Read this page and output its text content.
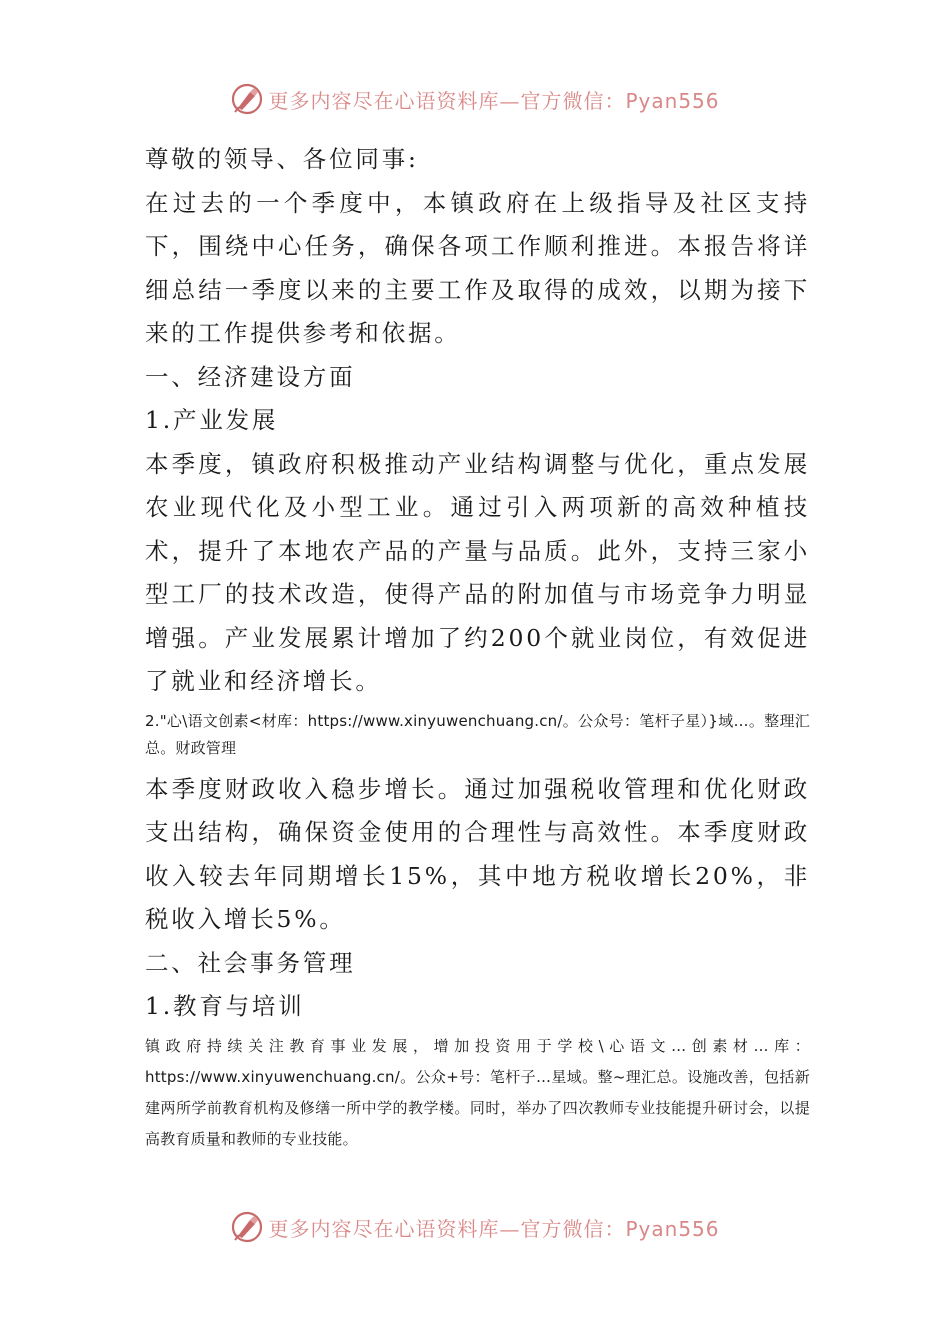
更多内容尽在心语资料库—官方微信：Pyan556

尊敬的领导、各位同事:

在过去的一个季度中，本镇政府在上级指导及社区支持下，围绕中心任务，确保各项工作顺利推进。本报告将详细总结一季度以来的主要工作及取得的成效，以期为接下来的工作提供参考和依据。

一、经济建设方面

1.产业发展

本季度，镇政府积极推动产业结构调整与优化，重点发展农业现代化及小型工业。通过引入两项新的高效种植技术，提升了本地农产品的产量与品质。此外，支持三家小型工厂的技术改造，使得产品的附加值与市场竞争力明显增强。产业发展累计增加了约200个就业岗位，有效促进了就业和经济增长。

2."心\语文创素<材库：https://www.xinyuwenchuang.cn/。公众号：笔杆子星）}域…。整理汇总。财政管理

本季度财政收入稳步增长。通过加强税收管理和优化财政支出结构，确保资金使用的合理性与高效性。本季度财政收入较去年同期增长15%，其中地方税收增长20%，非税收入增长5%。

二、社会事务管理

1.教育与培训

镇政府持续关注教育事业发展，增加投资用于学校\心语文…创素材…库：https://www.xinyuwenchuang.cn/。公众+号：笔杆子…星域。整~理汇总。设施改善，包括新建两所学前教育机构及修缮一所中学的教学楼。同时，举办了四次教师专业技能提升研讨会，以提高教育质量和教师的专业技能。

更多内容尽在心语资料库—官方微信：Pyan556
